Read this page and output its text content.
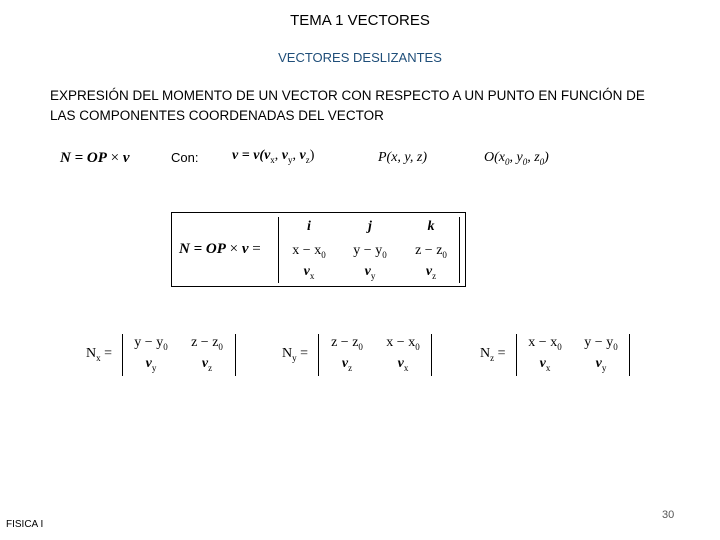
TEMA 1 VECTORES
VECTORES DESLIZANTES
EXPRESIÓN DEL MOMENTO DE UN VECTOR CON RESPECTO A UN PUNTO EN FUNCIÓN DE LAS COMPONENTES COORDENADAS DEL VECTOR
N = OP × v	Con: $v = v(v_x$, $v_y$, $v_z$)	P(x, y, z)	$O(x_0$, $y_0$, $z_0$)
N = OP × v =
i	j	k
$x - x_0$	$y - y_0$	$z - z_0$
$v_x$	$v_y$	$v_z$
$N_x$ =
$y - y_0$	$z - z_0$
$v_y$	$v_z$
$N_y$ =
$z - z_0$	$x - x_0$
$v_z$	$v_x$
$N_z$ =
$x - x_0$	$y - y_0$
$v_x$	$v_y$
FISICA I
30
